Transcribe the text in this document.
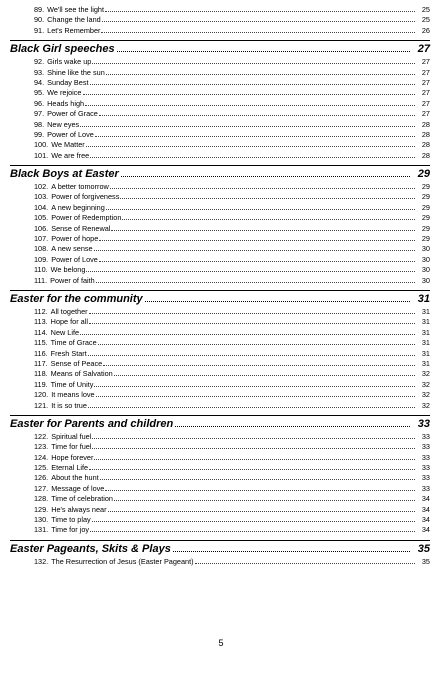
89. We'll see the light	25
90. Change the land	25
91. Let's Remember	26
Black Girl speeches	27
92. Girls wake up	27
93. Shine like the sun	27
94. Sunday Best	27
95. We rejoice	27
96. Heads high	27
97. Power of Grace	27
98. New eyes	28
99. Power of Love	28
100. We Matter	28
101. We are free	28
Black Boys at Easter	29
102. A better tomorrow	29
103. Power of forgiveness	29
104. A new beginning	29
105. Power of Redemption	29
106. Sense of Renewal	29
107. Power of hope	29
108. A new sense	30
109. Power of Love	30
110. We belong	30
111. Power of faith	30
Easter for the community	31
112. All together	31
113. Hope for all	31
114. New Life	31
115. Time of Grace	31
116. Fresh Start	31
117. Sense of Peace	31
118. Means of Salvation	32
119. Time of Unity	32
120. It means love	32
121. It is so true	32
Easter for Parents and children	33
122. Spiritual fuel	33
123. Time for fuel	33
124. Hope forever	33
125. Eternal Life	33
126. About the hunt	33
127. Message of love	33
128. Time of celebration	34
129. He's always near	34
130. Time to play	34
131. Time for joy	34
Easter Pageants, Skits & Plays	35
132. The Resurrection of Jesus (Easter Pageant)	35
5
